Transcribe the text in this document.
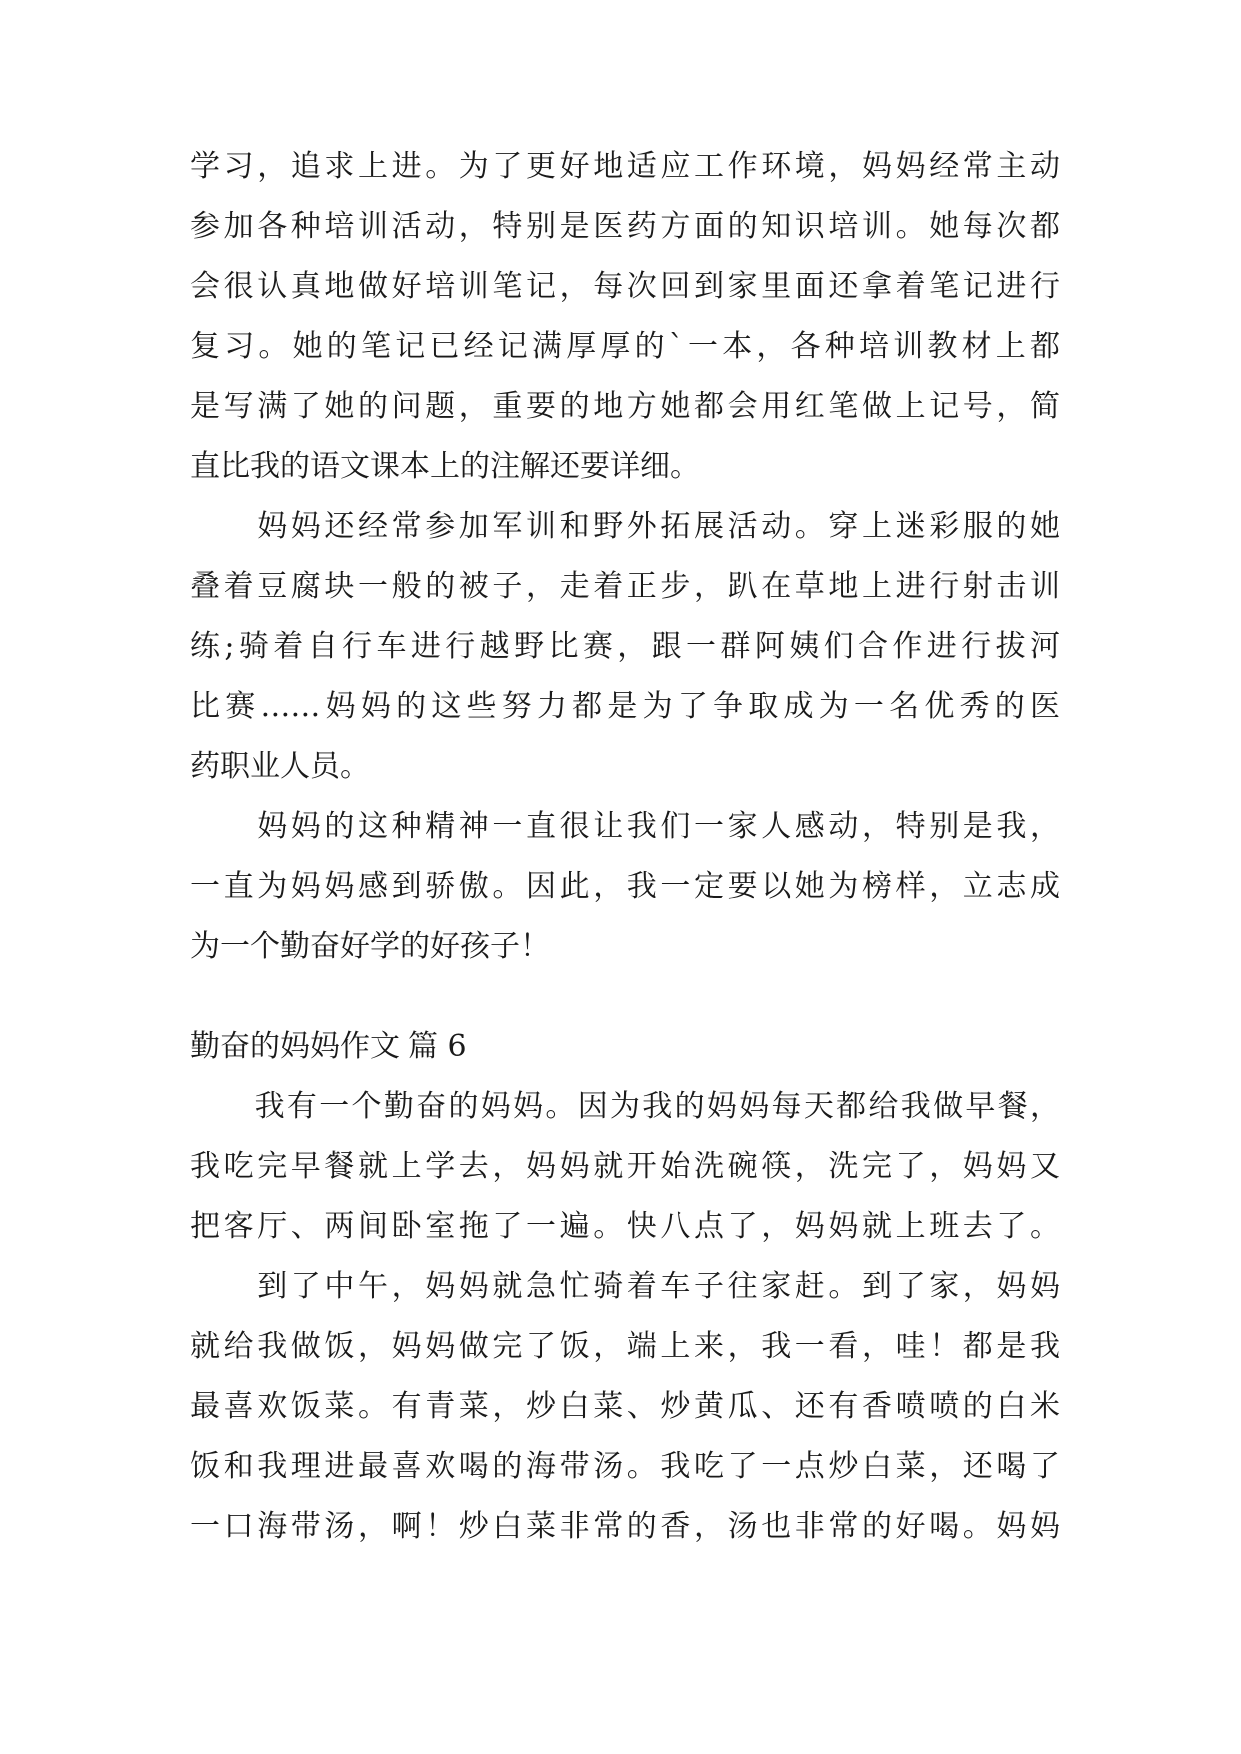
学习，追求上进。为了更好地适应工作环境，妈妈经常主动
参加各种培训活动，特别是医药方面的知识培训。她每次都
会很认真地做好培训笔记，每次回到家里面还拿着笔记进行
复习。她的笔记已经记满厚厚的`一本，各种培训教材上都
是写满了她的问题，重要的地方她都会用红笔做上记号，简
直比我的语文课本上的注解还要详细。
　　妈妈还经常参加军训和野外拓展活动。穿上迷彩服的她
叠着豆腐块一般的被子，走着正步，趴在草地上进行射击训
练;骑着自行车进行越野比赛，跟一群阿姨们合作进行拔河
比赛……妈妈的这些努力都是为了争取成为一名优秀的医
药职业人员。
　　妈妈的这种精神一直很让我们一家人感动，特别是我，
一直为妈妈感到骄傲。因此，我一定要以她为榜样，立志成
为一个勤奋好学的好孩子！
勤奋的妈妈作文 篇 6
　　我有一个勤奋的妈妈。因为我的妈妈每天都给我做早餐，
我吃完早餐就上学去，妈妈就开始洗碗筷，洗完了，妈妈又
把客厅、两间卧室拖了一遍。快八点了，妈妈就上班去了。
　　到了中午，妈妈就急忙骑着车子往家赶。到了家，妈妈
就给我做饭，妈妈做完了饭，端上来，我一看，哇！都是我
最喜欢饭菜。有青菜，炒白菜、炒黄瓜、还有香喷喷的白米
饭和我理进最喜欢喝的海带汤。我吃了一点炒白菜，还喝了
一口海带汤，啊！炒白菜非常的香，汤也非常的好喝。妈妈
